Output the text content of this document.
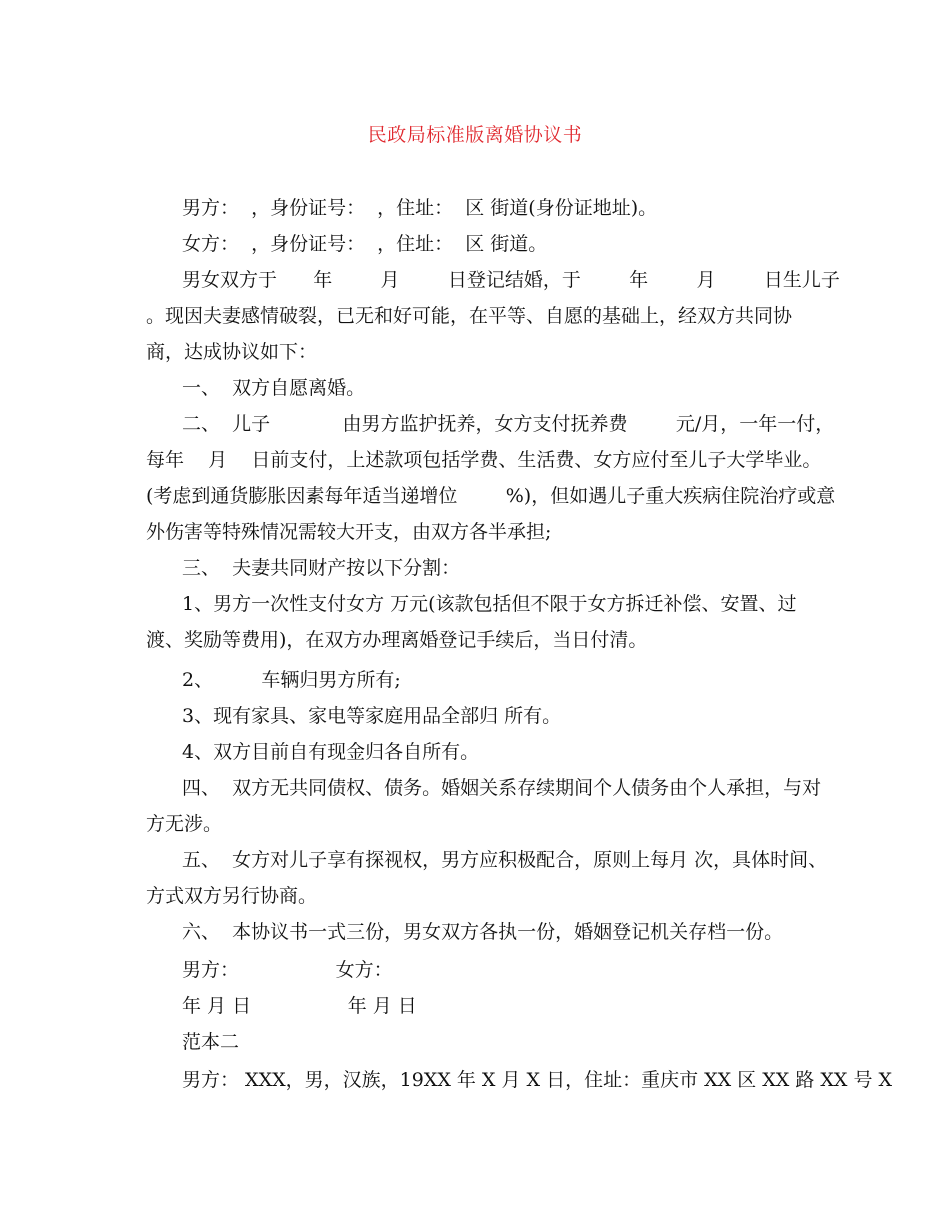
民政局标准版离婚协议书
男方：  ，身份证号：  ，住址：  区 街道(身份证地址)。
女方：  ，身份证号：  ，住址：  区 街道。
男女双方于      年        月        日登记结婚，于        年        月        日生儿子
。现因夫妻感情破裂，已无和好可能，在平等、自愿的基础上，经双方共同协
商，达成协议如下：
一、  双方自愿离婚。
二、  儿子            由男方监护抚养，女方支付抚养费        元/月，一年一付，
每年    月    日前支付，上述款项包括学费、生活费、女方应付至儿子大学毕业。
(考虑到通货膨胀因素每年适当递增位        %)，但如遇儿子重大疾病住院治疗或意
外伤害等特殊情况需较大开支，由双方各半承担;
三、  夫妻共同财产按以下分割：
1、男方一次性支付女方 万元(该款包括但不限于女方拆迁补偿、安置、过
渡、奖励等费用)，在双方办理离婚登记手续后，当日付清。
2、        车辆归男方所有;
3、现有家具、家电等家庭用品全部归 所有。
4、双方目前自有现金归各自所有。
四、  双方无共同债权、债务。婚姻关系存续期间个人债务由个人承担，与对
方无涉。
五、  女方对儿子享有探视权，男方应积极配合，原则上每月 次，具体时间、
方式双方另行协商。
六、  本协议书一式三份，男女双方各执一份，婚姻登记机关存档一份。
男方：                女方：
年 月 日                年 月 日
范本二
男方： XXX，男，汉族，19XX 年 X 月 X 日，住址：重庆市 XX 区 XX 路 XX 号 X
